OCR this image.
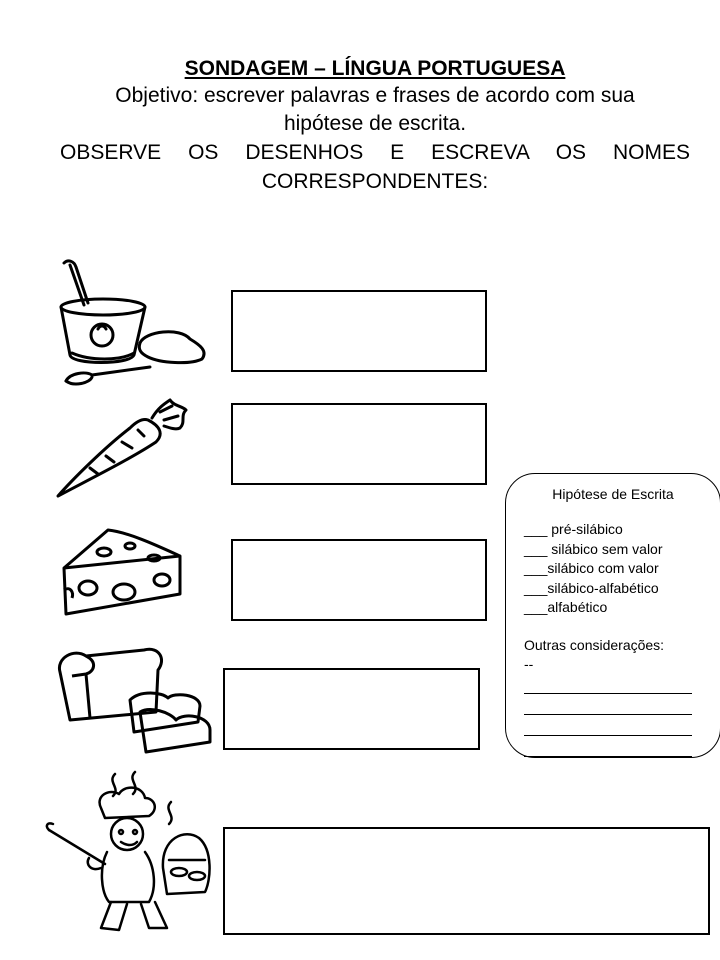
SONDAGEM – LÍNGUA PORTUGUESA
Objetivo: escrever palavras e frases de acordo com sua
hipótese de escrita.
OBSERVE OS DESENHOS E ESCREVA OS NOMES CORRESPONDENTES:
Hipótese de Escrita
___ pré-silábico
___ silábico sem valor
___silábico com valor
___silábico-alfabético
___alfabético
Outras considerações:
--
